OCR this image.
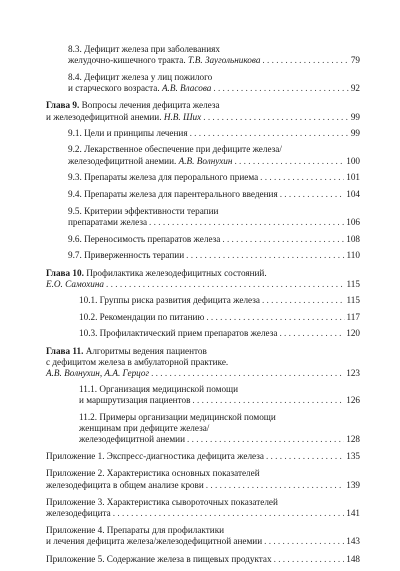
8.3. Дефицит железа при заболеваниях
желудочно-кишечного тракта.
Т.В. Заугольникова . . .	79
8.4. Дефицит железа у лиц пожилого
и старческого возраста.
А.В. Власова . . .	92
Глава 9. Вопросы лечения дефицита железа
и железодефицитной анемии.
Н.В. Ших . . .	99
9.1. Цели и принципы лечения . . .	99
9.2. Лекарственное обеспечение при дефиците железа/
железодефицитной анемии.
А.В. Волнухин . . .	100
9.3. Препараты железа для перорального приема . . .	101
9.4. Препараты железа для парентерального введения . . .	104
9.5. Критерии эффективности терапии
препаратами железа . . .	106
9.6. Переносимость препаратов железа . . .	108
9.7. Приверженность терапии . . .	110
Глава 10. Профилактика железодефицитных состояний.
Е.О. Самохина . . .	115
10.1. Группы риска развития дефицита железа . . .	115
10.2. Рекомендации по питанию . . .	117
10.3. Профилактический прием препаратов железа . . .	120
Глава 11. Алгоритмы ведения пациентов
с дефицитом железа в амбулаторной практике.
А.В. Волнухин, А.А. Герцог . . .	123
11.1. Организация медицинской помощи
и маршрутизация пациентов . . .	126
11.2. Примеры организации медицинской помощи
женщинам при дефиците железа/
железодефицитной анемии . . .	128
Приложение 1. Экспресс-диагностика дефицита железа . . .	135
Приложение 2. Характеристика основных показателей
железодефицита в общем анализе крови . . .	139
Приложение 3. Характеристика сывороточных показателей
железодефицита . . .	141
Приложение 4. Препараты для профилактики
и лечения дефицита железа/железодефицитной анемии . . .	143
Приложение 5. Содержание железа в пищевых продуктах . . .	148
